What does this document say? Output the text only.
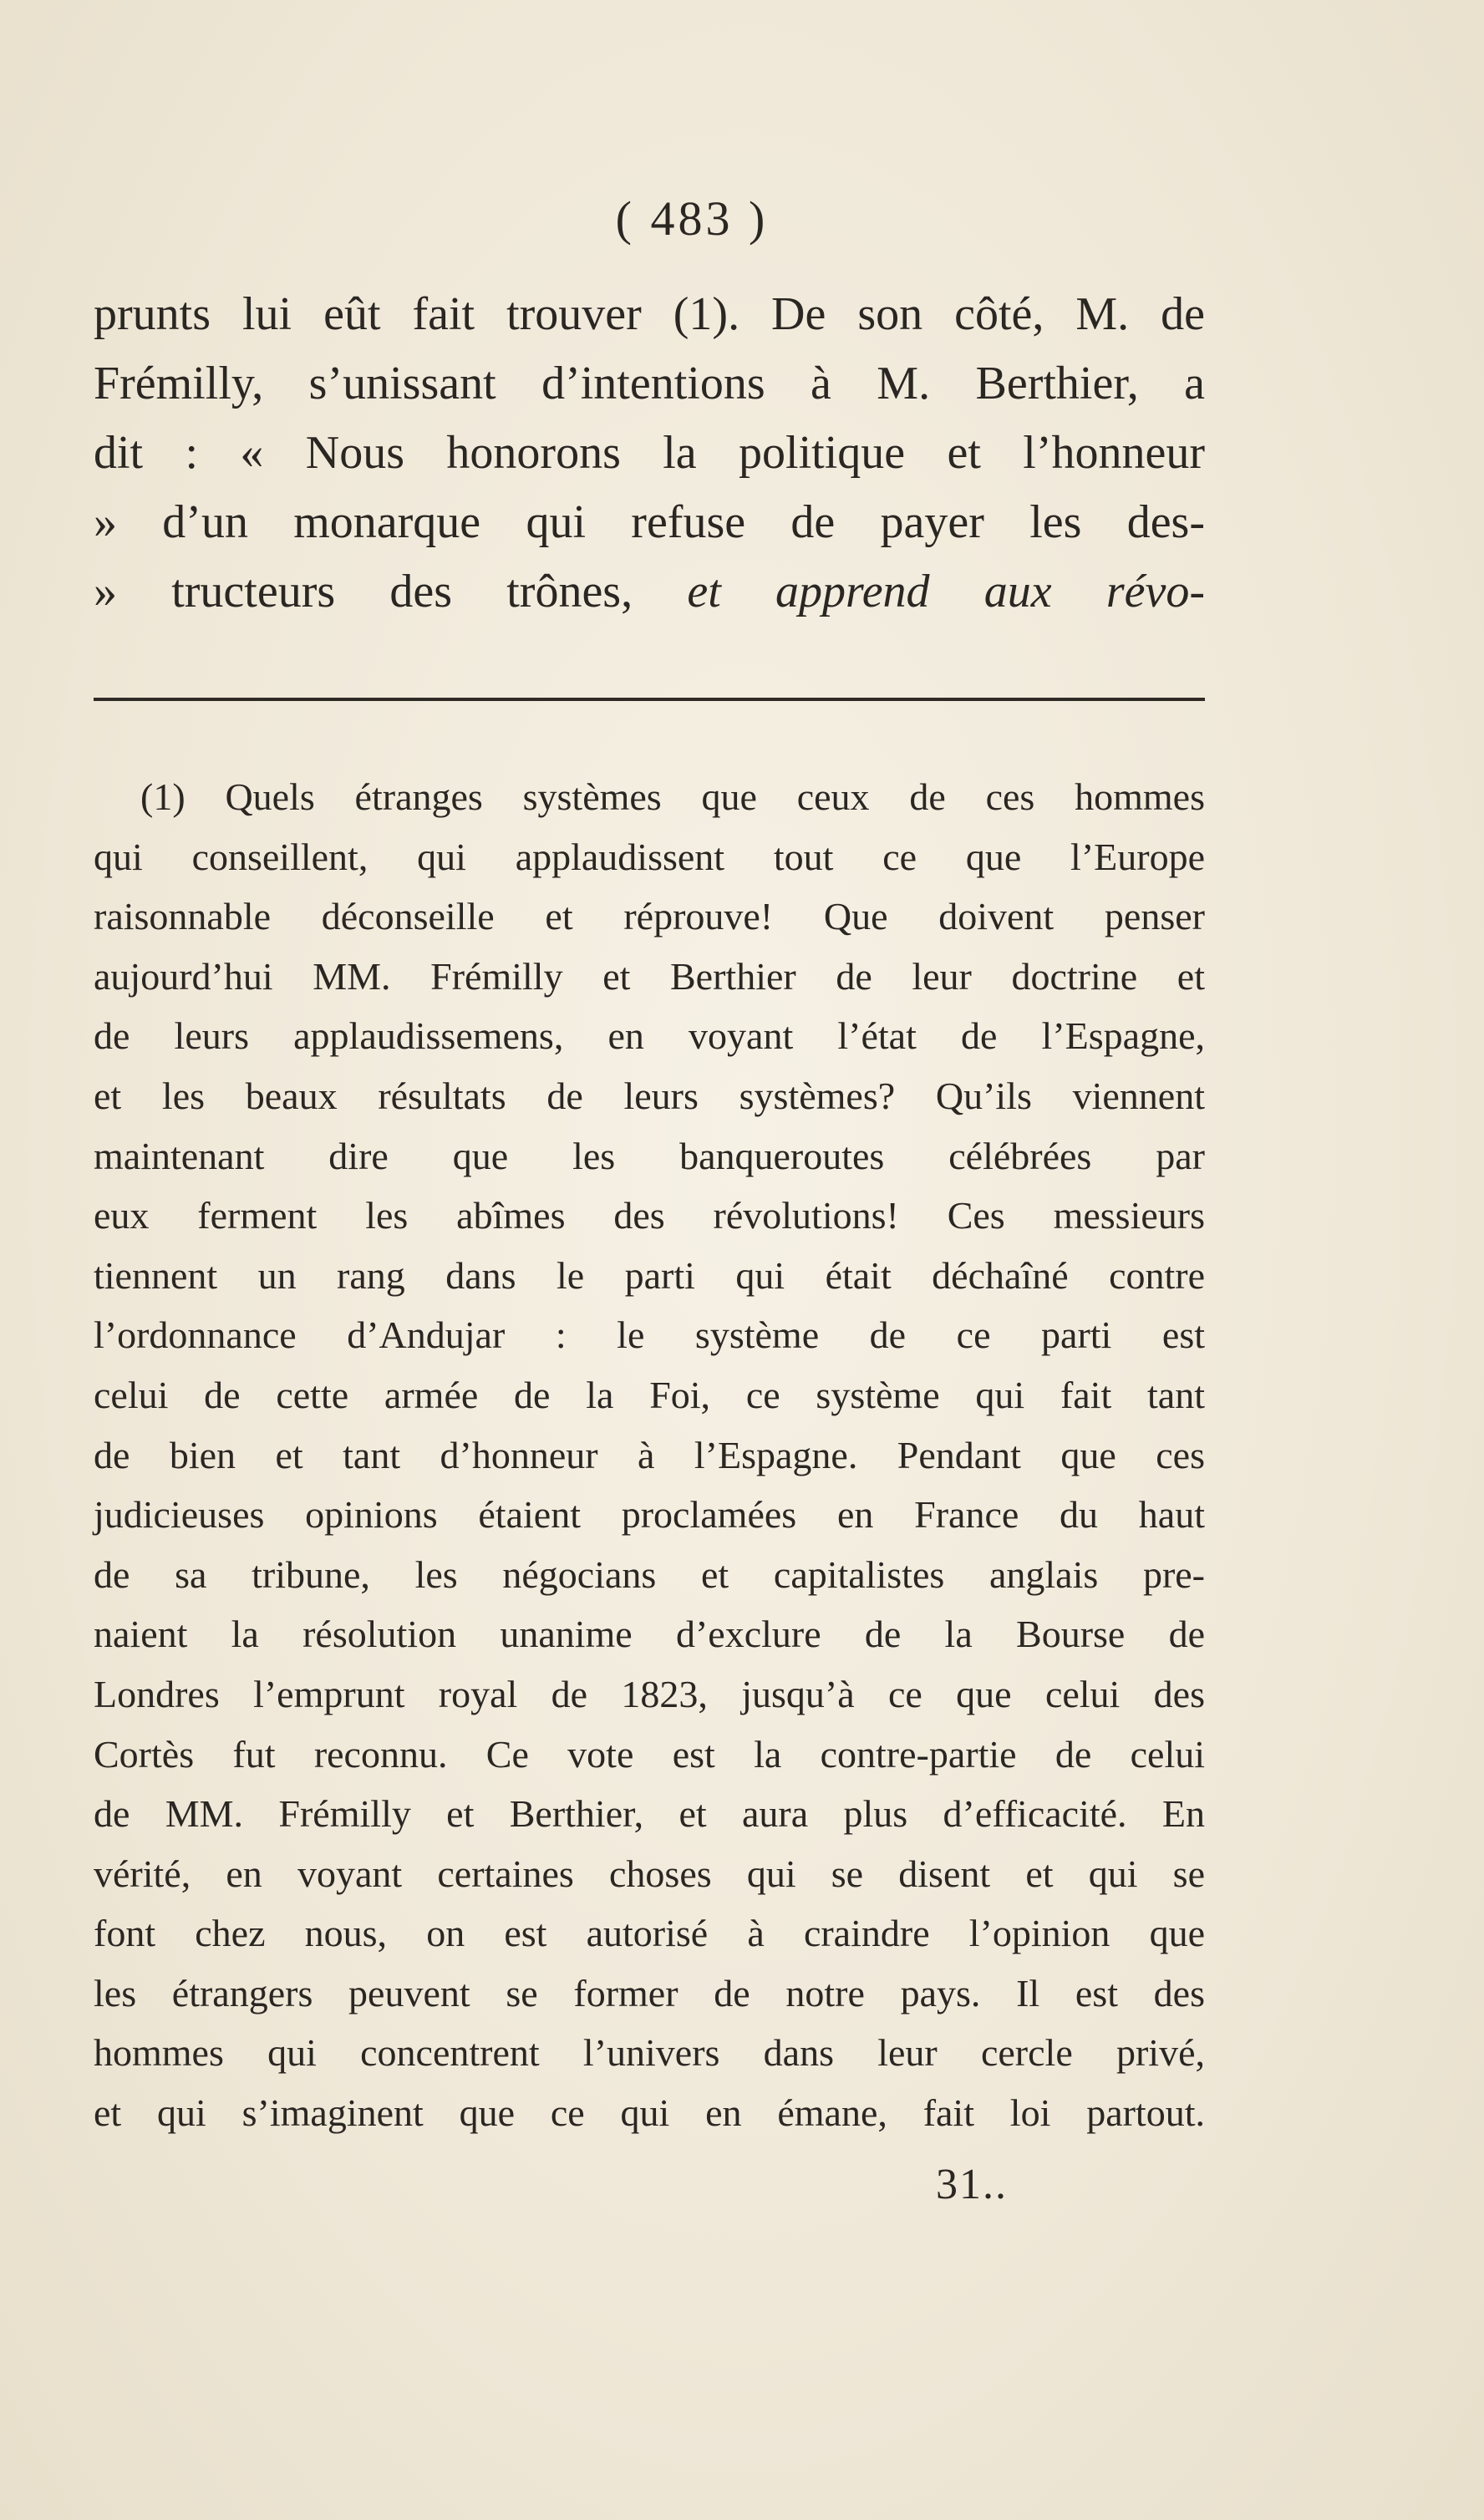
( 483 )
prunts lui eût fait trouver (1). De son côté, M. de
Frémilly, s’unissant d’intentions à M. Berthier, a
dit : « Nous honorons la politique et l’honneur
» d’un monarque qui refuse de payer les des-
» tructeurs des trônes, et apprend aux révo-
(1) Quels étranges systèmes que ceux de ces hommes
qui conseillent, qui applaudissent tout ce que l’Europe
raisonnable déconseille et réprouve! Que doivent penser
aujourd’hui MM. Frémilly et Berthier de leur doctrine et
de leurs applaudissemens, en voyant l’état de l’Espagne,
et les beaux résultats de leurs systèmes? Qu’ils viennent
maintenant dire que les banqueroutes célébrées par
eux ferment les abîmes des révolutions! Ces messieurs
tiennent un rang dans le parti qui était déchaîné contre
l’ordonnance d’Andujar : le système de ce parti est
celui de cette armée de la Foi, ce système qui fait tant
de bien et tant d’honneur à l’Espagne. Pendant que ces
judicieuses opinions étaient proclamées en France du haut
de sa tribune, les négocians et capitalistes anglais pre-
naient la résolution unanime d’exclure de la Bourse de
Londres l’emprunt royal de 1823, jusqu’à ce que celui des
Cortès fut reconnu. Ce vote est la contre-partie de celui
de MM. Frémilly et Berthier, et aura plus d’efficacité. En
vérité, en voyant certaines choses qui se disent et qui se
font chez nous, on est autorisé à craindre l’opinion que
les étrangers peuvent se former de notre pays. Il est des
hommes qui concentrent l’univers dans leur cercle privé,
et qui s’imaginent que ce qui en émane, fait loi partout.
31..
